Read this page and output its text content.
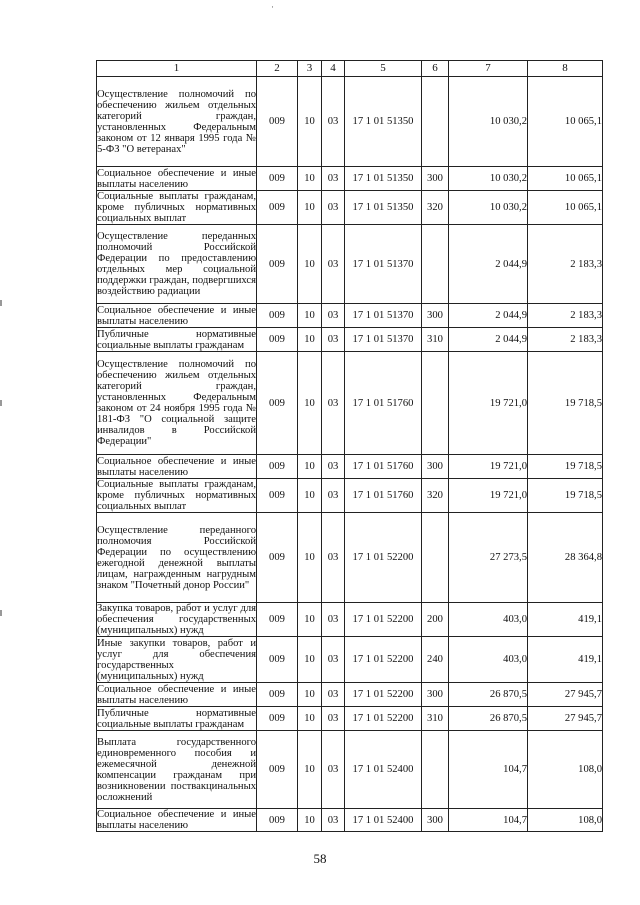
·
1	2	3	4	5	6	7	8
Осуществление полномочий по обеспечению жильем отдельных категорий граждан, установленных Федеральным законом от 12 января 1995 года № 5-ФЗ "О ветеранах"	009	10	03	17 1 01 51350		10 030,2	10 065,1
Социальное обеспечение и иные выплаты населению	009	10	03	17 1 01 51350	300	10 030,2	10 065,1
Социальные выплаты гражданам, кроме публичных нормативных социальных выплат	009	10	03	17 1 01 51350	320	10 030,2	10 065,1
Осуществление переданных полномочий Российской Федерации по предоставлению отдельных мер социальной поддержки граждан, подвергшихся воздействию радиации	009	10	03	17 1 01 51370		2 044,9	2 183,3
Социальное обеспечение и иные выплаты населению	009	10	03	17 1 01 51370	300	2 044,9	2 183,3
Публичные нормативные социальные выплаты гражданам	009	10	03	17 1 01 51370	310	2 044,9	2 183,3
Осуществление полномочий по обеспечению жильем отдельных категорий граждан, установленных Федеральным законом от 24 ноября 1995 года № 181-ФЗ "О социальной защите инвалидов в Российской Федерации"	009	10	03	17 1 01 51760		19 721,0	19 718,5
Социальное обеспечение и иные выплаты населению	009	10	03	17 1 01 51760	300	19 721,0	19 718,5
Социальные выплаты гражданам, кроме публичных нормативных социальных выплат	009	10	03	17 1 01 51760	320	19 721,0	19 718,5
Осуществление переданного полномочия Российской Федерации по осуществлению ежегодной денежной выплаты лицам, награжденным нагрудным знаком "Почетный донор России"	009	10	03	17 1 01 52200		27 273,5	28 364,8
Закупка товаров, работ и услуг для обеспечения государственных (муниципальных) нужд	009	10	03	17 1 01 52200	200	403,0	419,1
Иные закупки товаров, работ и услуг для обеспечения государственных (муниципальных) нужд	009	10	03	17 1 01 52200	240	403,0	419,1
Социальное обеспечение и иные выплаты населению	009	10	03	17 1 01 52200	300	26 870,5	27 945,7
Публичные нормативные социальные выплаты гражданам	009	10	03	17 1 01 52200	310	26 870,5	27 945,7
Выплата государственного единовременного пособия и ежемесячной денежной компенсации гражданам при возникновении поствакцинальных осложнений	009	10	03	17 1 01 52400		104,7	108,0
Социальное обеспечение и иные выплаты населению	009	10	03	17 1 01 52400	300	104,7	108,0
58
